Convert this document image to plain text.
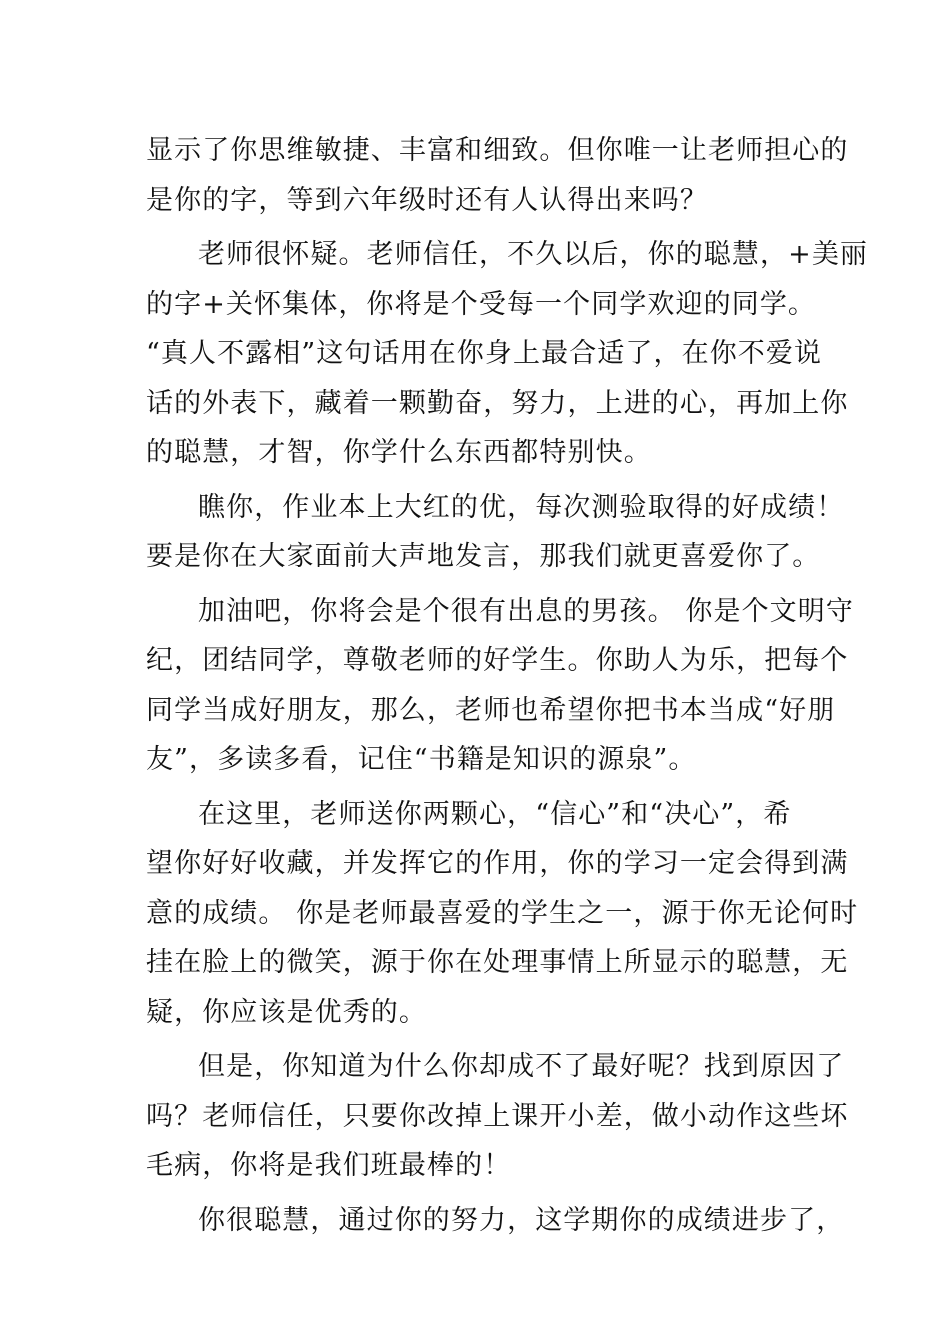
显示了你思维敏捷、丰富和细致。但你唯一让老师担心的
是你的字，等到六年级时还有人认得出来吗？

老师很怀疑。老师信任，不久以后，你的聪慧，+美丽
的字+关怀集体，你将是个受每一个同学欢迎的同学。
“真人不露相”这句话用在你身上最合适了，在你不爱说
话的外表下，藏着一颗勤奋，努力，上进的心，再加上你
的聪慧，才智，你学什么东西都特别快。

瞧你，作业本上大红的优，每次测验取得的好成绩！
要是你在大家面前大声地发言，那我们就更喜爱你了。

加油吧，你将会是个很有出息的男孩。 你是个文明守
纪，团结同学，尊敬老师的好学生。你助人为乐，把每个
同学当成好朋友，那么，老师也希望你把书本当成“好朋
友”，多读多看，记住“书籍是知识的源泉”。

在这里，老师送你两颗心，“信心”和“决心”，希
望你好好收藏，并发挥它的作用，你的学习一定会得到满
意的成绩。 你是老师最喜爱的学生之一，源于你无论何时
挂在脸上的微笑，源于你在处理事情上所显示的聪慧，无
疑，你应该是优秀的。

但是，你知道为什么你却成不了最好呢？找到原因了
吗？老师信任，只要你改掉上课开小差，做小动作这些坏
毛病，你将是我们班最棒的！

你很聪慧，通过你的努力，这学期你的成绩进步了，
